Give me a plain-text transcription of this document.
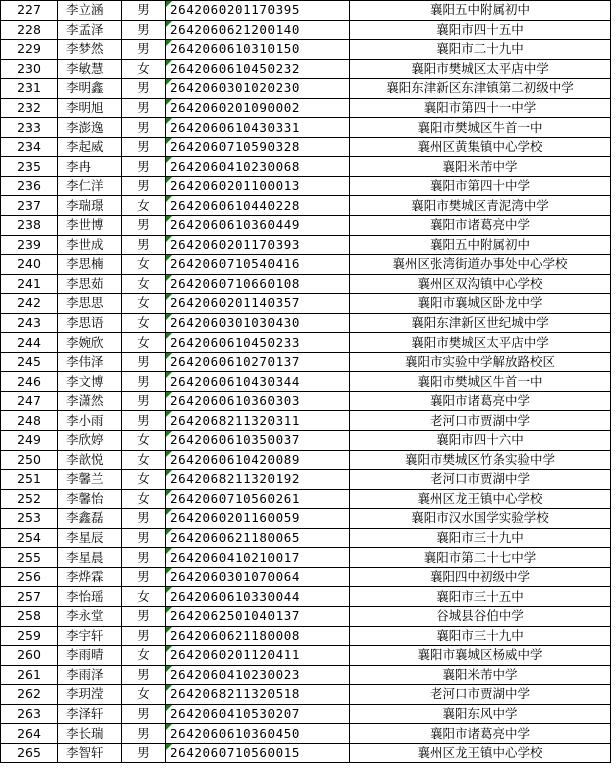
227	李立涵	男	2642060201170395	襄阳五中附属初中
228	李孟泽	男	2642060621200140	襄阳市四十五中
229	李梦然	男	2642060610310150	襄阳市二十九中
230	李敏慧	女	2642060610450232	襄阳市樊城区太平店中学
231	李明鑫	男	2642060301020230	襄阳东津新区东津镇第二初级中学
232	李明旭	男	2642060201090002	襄阳市第四十一中学
233	李澎逸	男	2642060610430331	襄阳市樊城区牛首一中
234	李起威	男	2642060710590328	襄州区黄集镇中心学校
235	李冉	男	2642060410230068	襄阳米芾中学
236	李仁洋	男	2642060201100013	襄阳市第四十中学
237	李瑞璟	女	2642060610440228	襄阳市樊城区青泥湾中学
238	李世博	男	2642060610360449	襄阳市诸葛亮中学
239	李世成	男	2642060201170393	襄阳五中附属初中
240	李思楠	女	2642060710540416	襄州区张湾街道办事处中心学校
241	李思茹	女	2642060710660108	襄州区双沟镇中心学校
242	李思思	女	2642060201140357	襄阳市襄城区卧龙中学
243	李思语	女	2642060301030430	襄阳东津新区世纪城中学
244	李婉欣	女	2642060610450233	襄阳市樊城区太平店中学
245	李伟泽	男	2642060610270137	襄阳市实验中学解放路校区
246	李文博	男	2642060610430344	襄阳市樊城区牛首一中
247	李潇然	男	2642060610360303	襄阳市诸葛亮中学
248	李小雨	男	2642068211320311	老河口市贾湖中学
249	李欣婷	女	2642060610350037	襄阳市四十六中
250	李歆悦	女	2642060610420089	襄阳市樊城区竹条实验中学
251	李馨兰	女	2642068211320192	老河口市贾湖中学
252	李馨怡	女	2642060710560261	襄州区龙王镇中心学校
253	李鑫磊	男	2642060201160059	襄阳市汉水国学实验学校
254	李星辰	男	2642060621180065	襄阳市三十九中
255	李星晨	男	2642060410210017	襄阳市第二十七中学
256	李烨霖	男	2642060301070064	襄阳四中初级中学
257	李怡瑶	女	2642060610330044	襄阳市三十五中
258	李永堂	男	2642062501040137	谷城县谷伯中学
259	李宇轩	男	2642060621180008	襄阳市三十九中
260	李雨晴	女	2642060201120411	襄阳市襄城区杨威中学
261	李雨泽	男	2642060410230023	襄阳米芾中学
262	李玥滢	女	2642068211320518	老河口市贾湖中学
263	李泽轩	男	2642060410530207	襄阳东风中学
264	李长瑞	男	2642060610360450	襄阳市诸葛亮中学
265	李智轩	男	2642060710560015	襄州区龙王镇中心学校
